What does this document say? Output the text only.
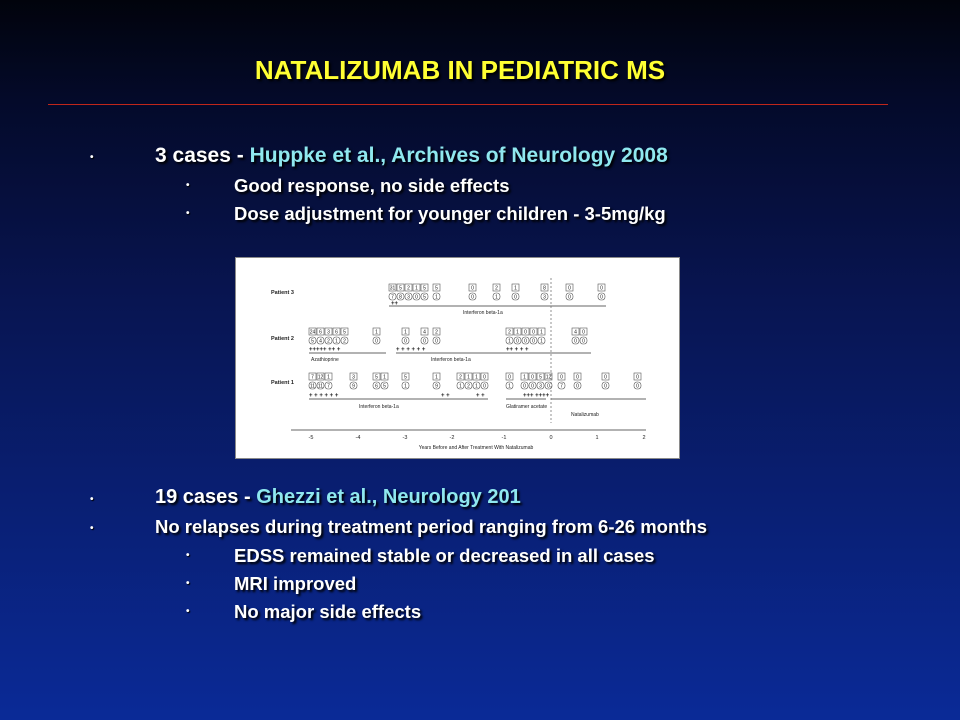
NATALIZUMAB IN PEDIATRIC MS
•	3 cases - Huppke et al., Archives of Neurology 2008
• Good response, no side effects
• Dose adjustment for younger children - 3-5mg/kg
++
+++++ ++ +	+ + + + + +	++ + + +
+ + + + + +	+ +	+ +	+++ ++++
Patient 3
Patient 2
Patient 1
Interferon beta-1a
Azathioprine	Interferon beta-1a
Interferon beta-1a	Glatiramer acetate
Natalizumab
-5	-4	-3	-2	-1	0	1	2
Years Before and After Treatment With Natalizumab
31 5 2 1 5 5	0	2	1	8	0	0
7 8 3 0 5 1	0	1	0	3	0	0
24 6 3 6 5	1	1	4 2	2 1 0 0 1	4 0
5 4 2 1 2	0	0	0 0	1 0 0 0 1	0 0
7 12 1	3	5 1	5	1	2 1 1 0	0 1 0 5 12 0	0	0	0
11 11 7	9	6 5	1	9	1 2 1 0	1 0 0 3 0 7	0	0	0
•	19 cases - Ghezzi et al., Neurology 201
•	No relapses during treatment period ranging from 6-26 months
• EDSS remained stable or decreased in all cases
• MRI improved
• No major side effects
